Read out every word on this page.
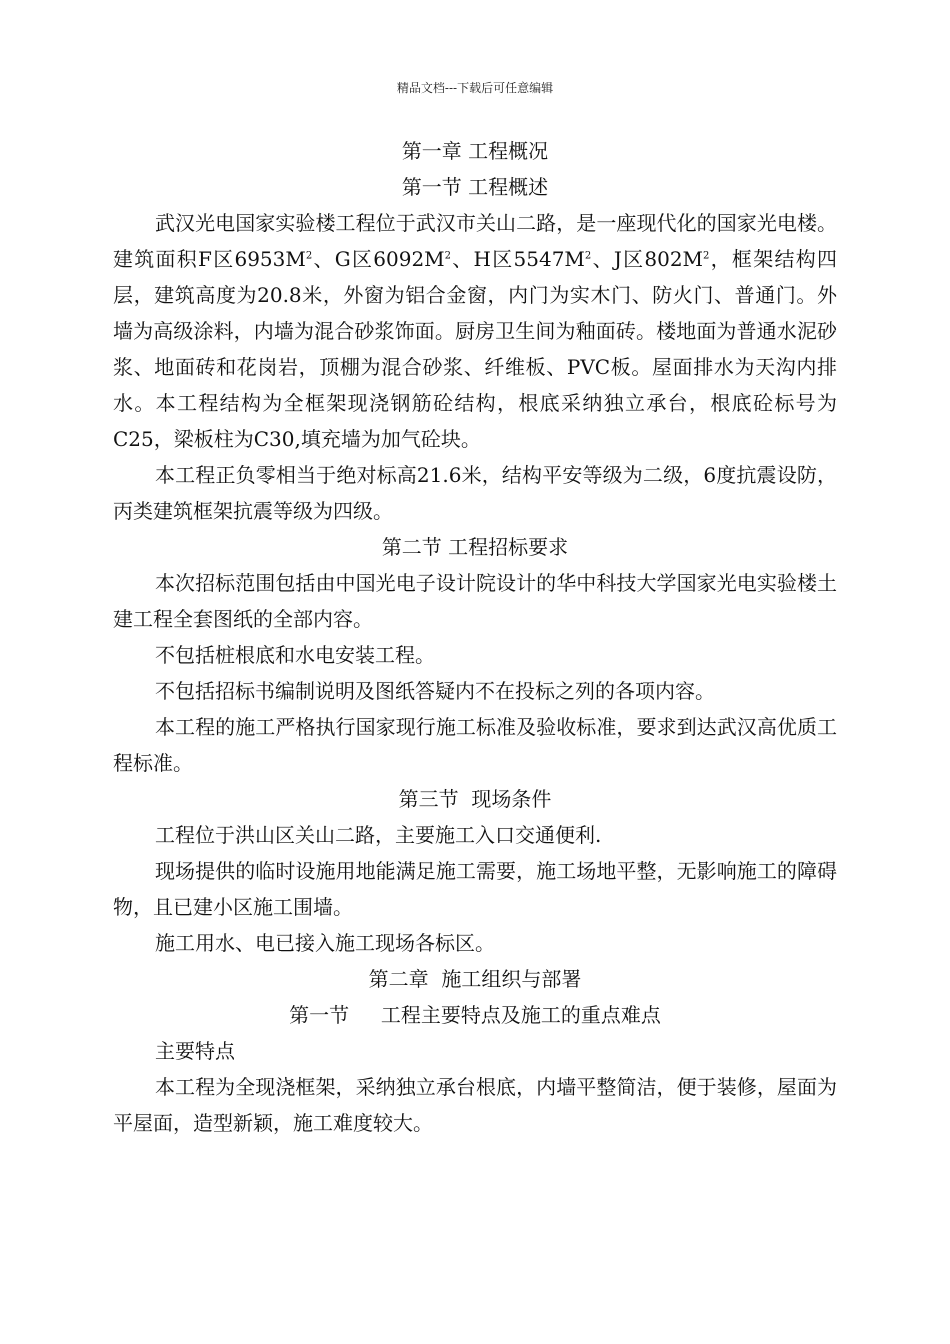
精品文档---下载后可任意编辑
第一章 工程概况
第一节 工程概述

武汉光电国家实验楼工程位于武汉市关山二路，是一座现代化的国家光电楼。建筑面积F区$6953M^2$、G区$6092M^2$、H区$5547M^2$、J区$802M^2$，框架结构四层，建筑高度为20.8米，外窗为铝合金窗，内门为实木门、防火门、普通门。外墙为高级涂料，内墙为混合砂浆饰面。厨房卫生间为釉面砖。楼地面为普通水泥砂浆、地面砖和花岗岩，顶棚为混合砂浆、纤维板、PVC板。屋面排水为天沟内排水。本工程结构为全框架现浇钢筋砼结构，根底采纳独立承台，根底砼标号为C25，梁板柱为C30,填充墙为加气砼块。

本工程正负零相当于绝对标高21.6米，结构平安等级为二级，6度抗震设防，丙类建筑框架抗震等级为四级。

第二节 工程招标要求

本次招标范围包括由中国光电子设计院设计的华中科技大学国家光电实验楼土建工程全套图纸的全部内容。

不包括桩根底和水电安装工程。

不包括招标书编制说明及图纸答疑内不在投标之列的各项内容。

本工程的施工严格执行国家现行施工标准及验收标准，要求到达武汉高优质工程标准。

第三节  现场条件

工程位于洪山区关山二路，主要施工入口交通便利.

现场提供的临时设施用地能满足施工需要，施工场地平整，无影响施工的障碍物，且已建小区施工围墙。

施工用水、电已接入施工现场各标区。

第二章  施工组织与部署
第一节     工程主要特点及施工的重点难点

主要特点

本工程为全现浇框架，采纳独立承台根底，内墙平整简洁，便于装修，屋面为平屋面，造型新颖，施工难度较大。
